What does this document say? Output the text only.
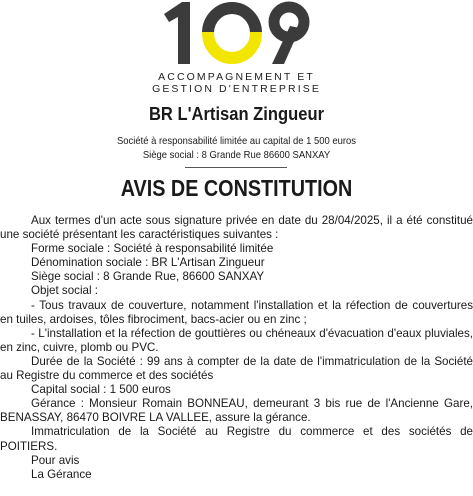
ACCOMPAGNEMENT ET
GESTION D'ENTREPRISE
BR L'Artisan Zingueur
Société à responsabilité limitée au capital de 1 500 euros
Siège social : 8 Grande Rue 86600 SANXAY
AVIS DE CONSTITUTION

Aux termes d'un acte sous signature privée en date du 28/04/2025, il a été constitué une société présentant les caractéristiques suivantes :

Forme sociale : Société à responsabilité limitée

Dénomination sociale : BR L'Artisan Zingueur

Siège social : 8 Grande Rue, 86600 SANXAY

Objet social :

- Tous travaux de couverture, notamment l'installation et la réfection de couvertures en tuiles, ardoises, tôles fibrociment, bacs-acier ou en zinc ;

- L'installation et la réfection de gouttières ou chéneaux d'évacuation d'eaux pluviales, en zinc, cuivre, plomb ou PVC.

Durée de la Société : 99 ans à compter de la date de l'immatriculation de la Société au Registre du commerce et des sociétés

Capital social : 1 500 euros

Gérance : Monsieur Romain BONNEAU, demeurant 3 bis rue de l'Ancienne Gare, BENASSAY, 86470 BOIVRE LA VALLEE, assure la gérance.

Immatriculation de la Société au Registre du commerce et des sociétés de POITIERS.

Pour avis

La Gérance
